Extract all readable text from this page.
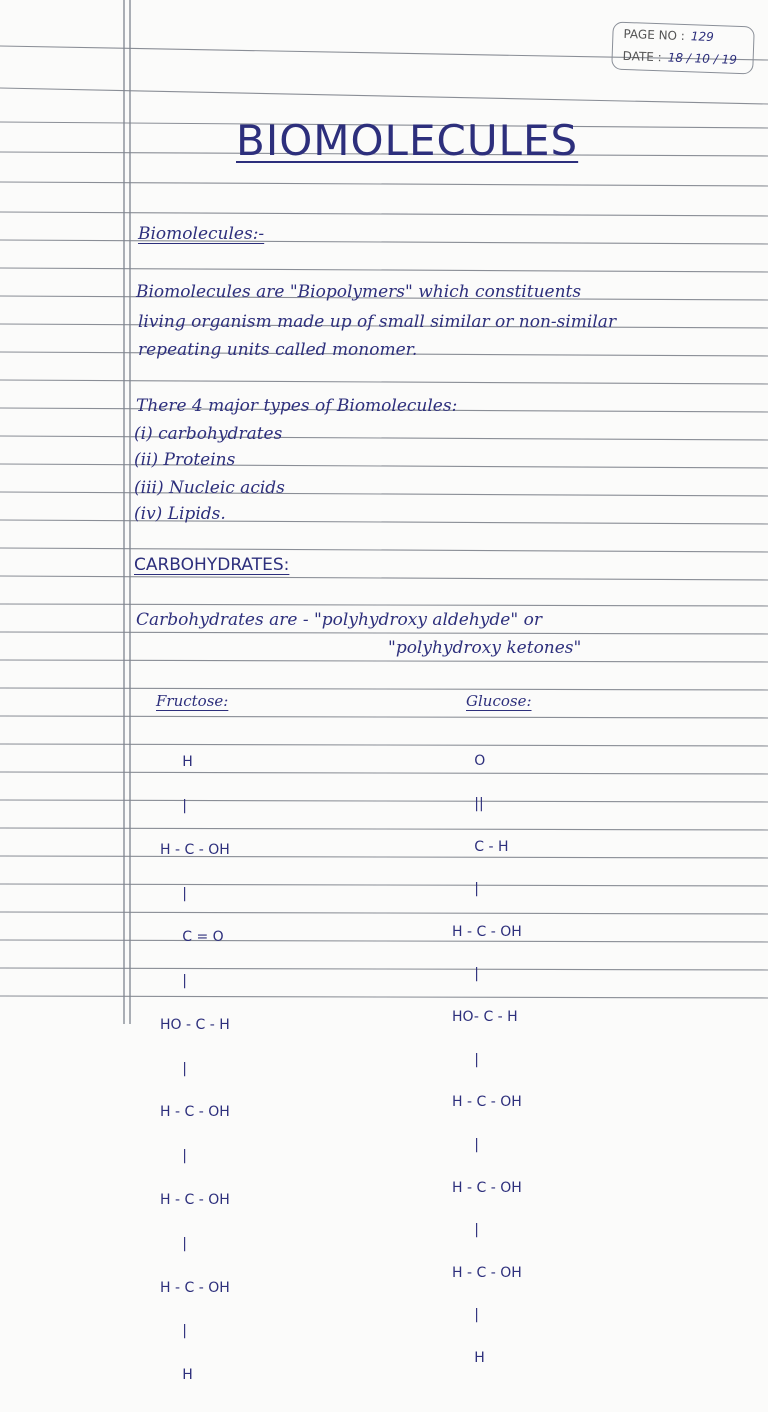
PAGE NO : 129
DATE : 18 / 10 / 19
BIOMOLECULES
Biomolecules:-
Biomolecules are "Biopolymers" which constituents
living organism made up of small similar or non-similar
repeating units called monomer.
There 4 major types of Biomolecules:
(i) carbohydrates
(ii) Proteins
(iii) Nucleic acids
(iv) Lipids.
CARBOHYDRATES:
Carbohydrates are - "polyhydroxy aldehyde" or
"polyhydroxy ketones"
Fructose:

H

|

H - C - OH

|

C = O

|

HO - C - H

|

H - C - OH

|

H - C - OH

|

H - C - OH

|

H

Glucose:

O

||

C - H

|

H - C - OH

|

HO- C - H

|

H - C - OH

|

H - C - OH

|

H - C - OH

|

H
